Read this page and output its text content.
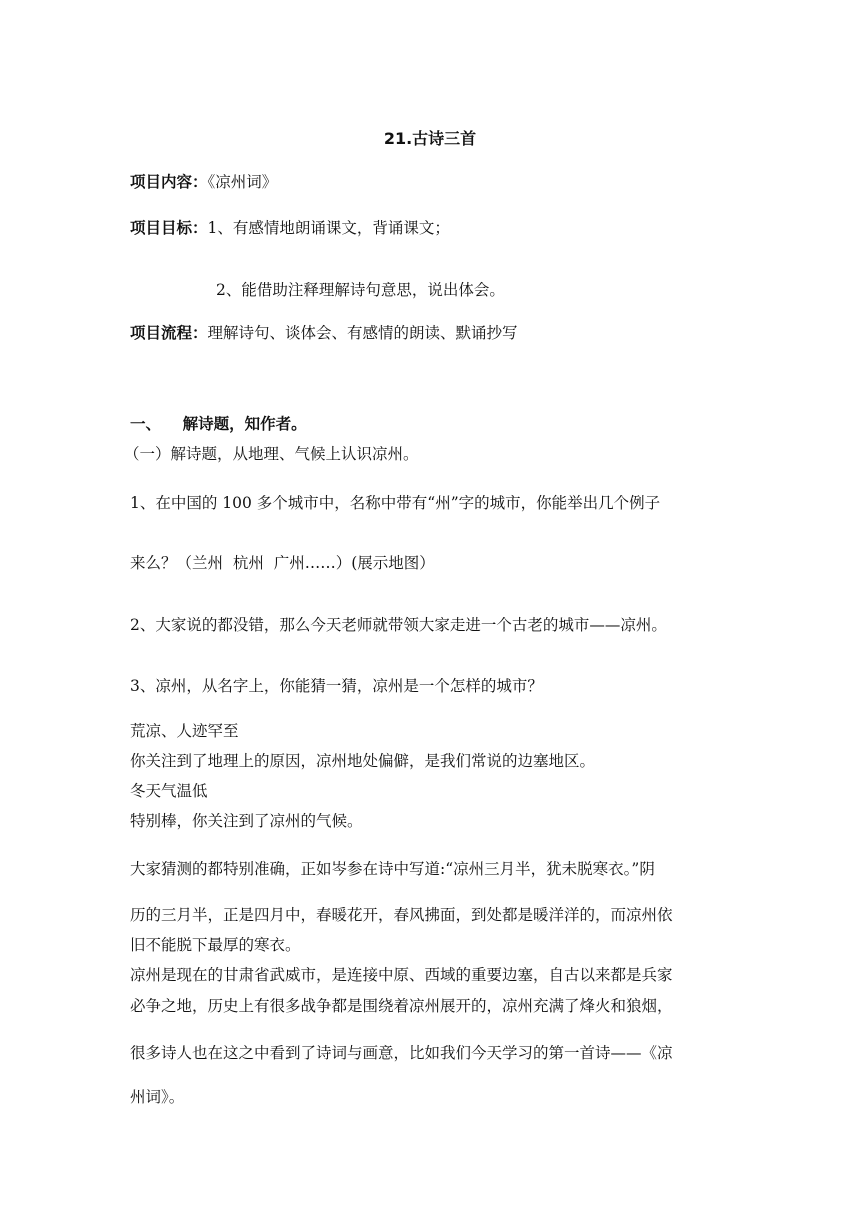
21.古诗三首
项目内容：《凉州词》
项目目标：1、有感情地朗诵课文，背诵课文；
2、能借助注释理解诗句意思，说出体会。
项目流程：理解诗句、谈体会、有感情的朗读、默诵抄写
一、    解诗题，知作者。
（一）解诗题，从地理、气候上认识凉州。
1、在中国的 100 多个城市中，名称中带有“州”字的城市，你能举出几个例子
来么？（兰州  杭州  广州……）(展示地图）
2、大家说的都没错，那么今天老师就带领大家走进一个古老的城市——凉州。
3、凉州，从名字上，你能猜一猜，凉州是一个怎样的城市？
荒凉、人迹罕至
你关注到了地理上的原因，凉州地处偏僻，是我们常说的边塞地区。
冬天气温低
特别棒，你关注到了凉州的气候。
大家猜测的都特别准确，正如岑参在诗中写道:“凉州三月半，犹未脱寒衣。”阴
历的三月半，正是四月中，春暖花开，春风拂面，到处都是暖洋洋的，而凉州依
旧不能脱下最厚的寒衣。
凉州是现在的甘肃省武威市，是连接中原、西域的重要边塞，自古以来都是兵家
必争之地，历史上有很多战争都是围绕着凉州展开的，凉州充满了烽火和狼烟，
很多诗人也在这之中看到了诗词与画意，比如我们今天学习的第一首诗——《凉
州词》。
